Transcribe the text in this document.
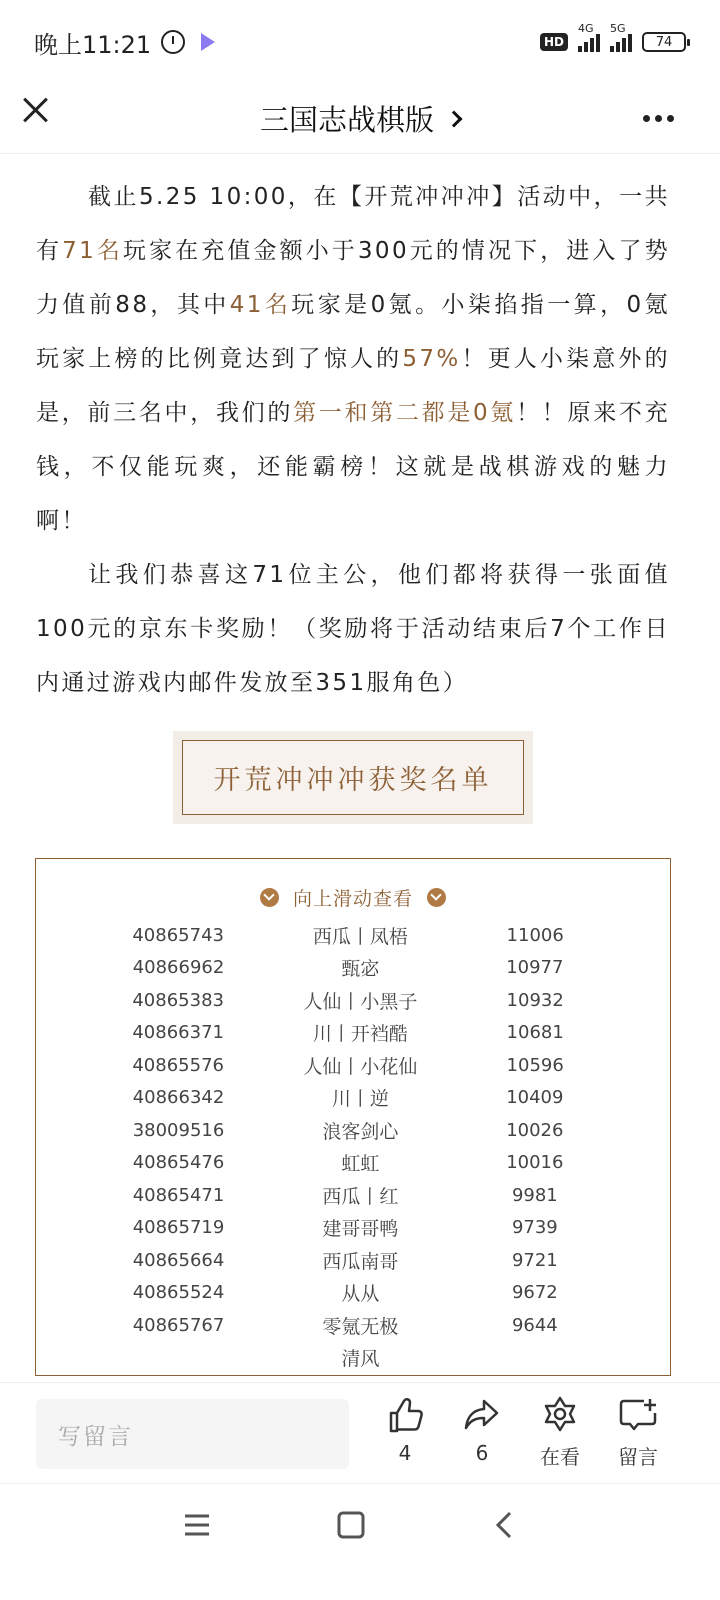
晚上11:21	HD
4G 5G
74
三国志战棋版

截止5.25 10:00，在【开荒冲冲冲】活动中，一共有71名玩家在充值金额小于300元的情况下，进入了势力值前88，其中41名玩家是0氪。小柒掐指一算，0氪玩家上榜的比例竟达到了惊人的57%！更人小柒意外的是，前三名中，我们的第一和第二都是0氪！！原来不充钱，不仅能玩爽，还能霸榜！这就是战棋游戏的魅力啊！

让我们恭喜这71位主公，他们都将获得一张面值100元的京东卡奖励！（奖励将于活动结束后7个工作日内通过游戏内邮件发放至351服角色）

开荒冲冲冲获奖名单
向上滑动查看
40865743	西瓜丨凤梧	11006
40866962	甄宓	10977
40865383	人仙丨小黑子	10932
40866371	川丨开裆酷	10681
40865576	人仙丨小花仙	10596
40866342	川丨逆	10409
38009516	浪客剑心	10026
40865476	虹虹	10016
40865471	西瓜丨红	9981
40865719	建哥哥鸭	9739
40865664	西瓜南哥	9721
40865524	从从	9672
40865767	零氪无极	9644
清风
写留言
4	6	在看 留言
